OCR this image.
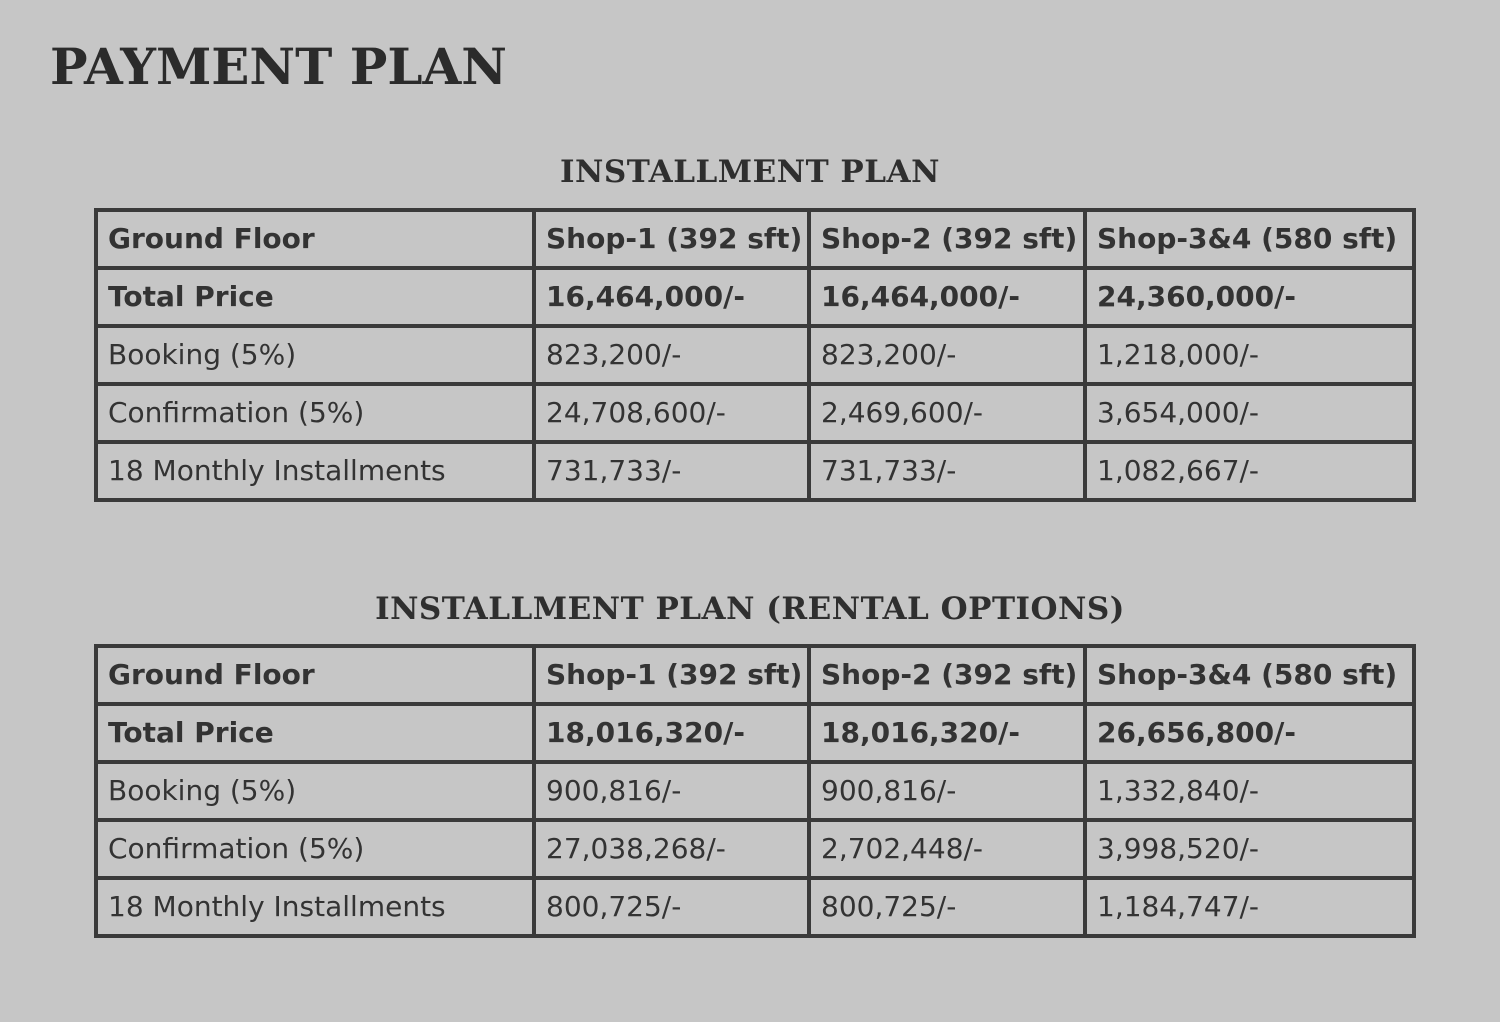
PAYMENT PLAN
INSTALLMENT PLAN
Ground Floor	Shop-1 (392 sft)	Shop-2 (392 sft)	Shop-3&4 (580 sft)
Total Price	16,464,000/-	16,464,000/-	24,360,000/-
Booking (5%)	823,200/-	823,200/-	1,218,000/-
Confirmation (5%)	24,708,600/-	2,469,600/-	3,654,000/-
18 Monthly Installments	731,733/-	731,733/-	1,082,667/-
INSTALLMENT PLAN (RENTAL OPTIONS)
Ground Floor	Shop-1 (392 sft)	Shop-2 (392 sft)	Shop-3&4 (580 sft)
Total Price	18,016,320/-	18,016,320/-	26,656,800/-
Booking (5%)	900,816/-	900,816/-	1,332,840/-
Confirmation (5%)	27,038,268/-	2,702,448/-	3,998,520/-
18 Monthly Installments	800,725/-	800,725/-	1,184,747/-
